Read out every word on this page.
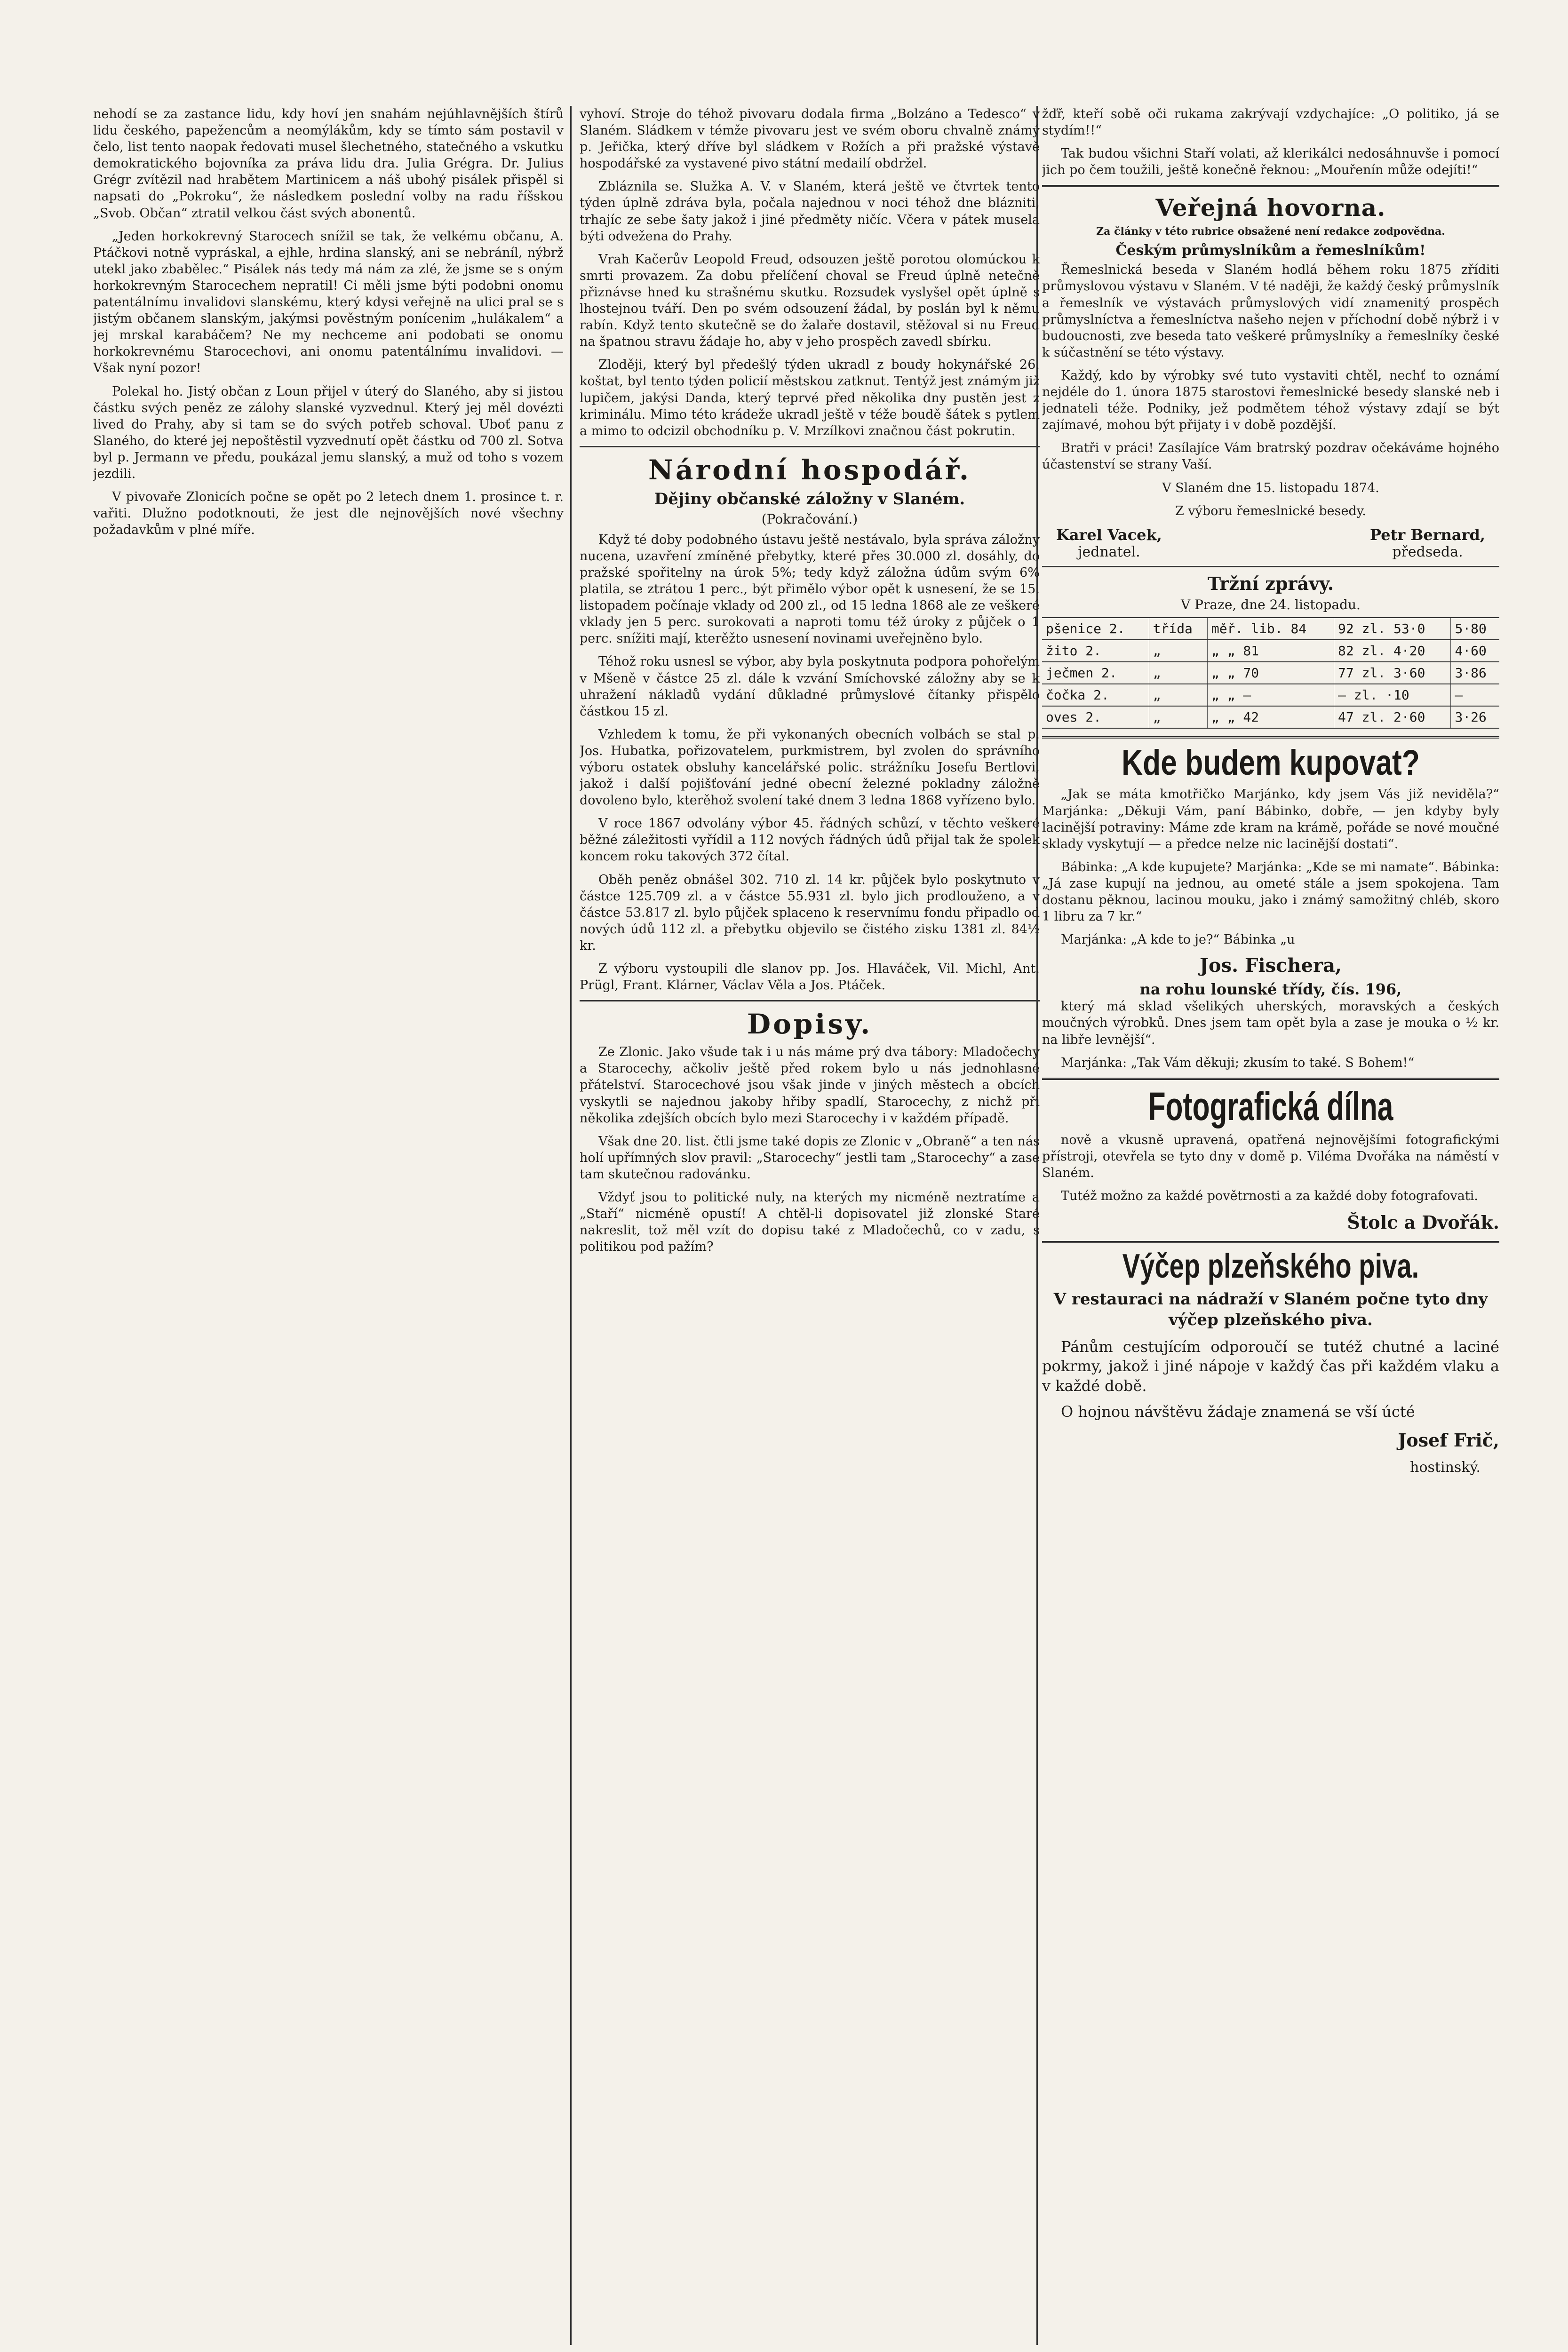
nehodí se za zastance lidu, kdy hoví jen snahám nejúhlavnějších štírů lidu českého, papežencům a neomýlákům, kdy se tímto sám postavil v čelo, list tento naopak ředovati musel šlechetného, statečného a vskutku demokratického bojovníka za práva lidu dra. Julia Grégra. Dr. Julius Grégr zvítězil nad hrabětem Martinicem a náš ubohý pisálek přispěl si napsati do „Pokroku“, že následkem poslední volby na radu říšskou „Svob. Občan“ ztratil velkou část svých abonentů.

„Jeden horkokrevný Starocech snížil se tak, že velkému občanu, A. Ptáčkovi notně vypráskal, a ejhle, hrdina slanský, ani se nebráníl, nýbrž utekl jako zbabělec.“ Pisálek nás tedy má nám za zlé, že jsme se s oným horkokrevným Starocechem nepratil! Ci měli jsme býti podobni onomu patentálnímu invalidovi slanskému, který kdysi veřejně na ulici pral se s jistým občanem slanským, jakýmsi pověstným ponícenim „hulákalem“ a jej mrskal karabáčem? Ne my nechceme ani podobati se onomu horkokrevnému Starocechovi, ani onomu patentálnímu invalidovi. — Však nyní pozor!

Polekal ho. Jistý občan z Loun přijel v úterý do Slaného, aby si jistou částku svých peněz ze zálohy slanské vyzvednul. Který jej měl dovézti lived do Prahy, aby si tam se do svých potřeb schoval. Uboť panu z Slaného, do které jej nepoštěstil vyzvednutí opět částku od 700 zl. Sotva byl p. Jermann ve předu, poukázal jemu slanský, a muž od toho s vozem jezdili.

V pivovaře Zlonicích počne se opět po 2 letech dnem 1. prosince t. r. vařiti. Dlužno podotknouti, že jest dle nejnovějších nové všechny požadavkům v plné míře.

vyhoví. Stroje do téhož pivovaru dodala firma „Bolzáno a Tedesco“ v Slaném. Sládkem v témže pivovaru jest ve svém oboru chvalně známý p. Jeřička, který dříve byl sládkem v Rožích a při pražské výstavě hospodářské za vystavené pivo státní medailí obdržel.

Zbláznila se. Služka A. V. v Slaném, která ještě ve čtvrtek tento týden úplně zdráva byla, počala najednou v noci téhož dne blázniti, trhajíc ze sebe šaty jakož i jiné předměty ničíc. Včera v pátek musela býti odvežena do Prahy.

Vrah Kačerův Leopold Freud, odsouzen ještě porotou olomúckou k smrti provazem. Za dobu přelíčení choval se Freud úplně netečně přiznávse hned ku strašnému skutku. Rozsudek vyslyšel opět úplně s lhostejnou tváří. Den po svém odsouzení žádal, by poslán byl k němu rabín. Když tento skutečně se do žalaře dostavil, stěžoval si nu Freud na špatnou stravu žádaje ho, aby v jeho prospěch zavedl sbírku.

Zloději, který byl předešlý týden ukradl z boudy hokynářské 26. koštat, byl tento týden policií městskou zatknut. Tentýž jest známým již lupičem, jakýsi Danda, který teprvé před několika dny pustěn jest z kriminálu. Mimo této krádeže ukradl ještě v téže boudě šátek s pytlem a mimo to odcizil obchodníku p. V. Mrzílkovi značnou část pokrutin.

Národní hospodář.
Dějiny občanské záložny v Slaném.
(Pokračování.)

Když té doby podobného ústavu ještě nestávalo, byla správa záložny nucena, uzavření zmíněné přebytky, které přes 30.000 zl. dosáhly, do pražské spořitelny na úrok 5%; tedy když záložna údům svým 6% platila, se ztrátou 1 perc., být přimělo výbor opět k usnesení, že se 15. listopadem počínaje vklady od 200 zl., od 15 ledna 1868 ale ze veškeré vklady jen 5 perc. surokovati a naproti tomu též úroky z půjček o 1 perc. snížiti mají, kterěžto usnesení novinami uveřejněno bylo.

Téhož roku usnesl se výbor, aby byla poskytnuta podpora pohořelým v Mšeně v částce 25 zl. dále k vzvání Smíchovské záložny aby se k uhražení nákladů vydání důkladné průmyslové čítanky přispělo částkou 15 zl.

Vzhledem k tomu, že při vykonaných obecních volbách se stal p. Jos. Hubatka, pořizovatelem, purkmistrem, byl zvolen do správního výboru ostatek obsluhy kancelářské polic. strážníku Josefu Bertlovi, jakož i další pojišťování jedné obecní železné pokladny záložně dovoleno bylo, kterěhož svolení také dnem 3 ledna 1868 vyřízeno bylo.

V roce 1867 odvolány výbor 45. řádných schůzí, v těchto veškeré běžné záležitosti vyřídil a 112 nových řádných údů přijal tak že spolek koncem roku takových 372 čítal.

Oběh peněz obnášel 302. 710 zl. 14 kr. půjček bylo poskytnuto v částce 125.709 zl. a v částce 55.931 zl. bylo jich prodlouženo, a v částce 53.817 zl. bylo půjček splaceno k reservnímu fondu připadlo od nových údů 112 zl. a přebytku objevilo se čistého zisku 1381 zl. 84½ kr.

Z výboru vystoupili dle slanov pp. Jos. Hlaváček, Vil. Michl, Ant. Prügl, Frant. Klárner, Václav Věla a Jos. Ptáček.

Dopisy.

Ze Zlonic. Jako všude tak i u nás máme prý dva tábory: Mladočechy a Starocechy, ačkoliv ještě před rokem bylo u nás jednohlasné přátelství. Starocechové jsou však jinde v jiných městech a obcích vyskytli se najednou jakoby hřiby spadlí, Starocechy, z nichž při několika zdejších obcích bylo mezi Starocechy i v každém případě.

Však dne 20. list. čtli jsme také dopis ze Zlonic v „Obraně“ a ten nás holí upřímných slov pravil: „Starocechy“ jestli tam „Starocechy“ a zase tam skutečnou radovánku.

Vždyť jsou to politické nuly, na kterých my nicméně neztratíme a „Staří“ nicméně opustí! A chtěl-li dopisovatel již zlonské Staré nakreslit, tož měl vzít do dopisu také z Mladočechů, co v zadu, s politikou pod pažím?

žďř, kteří sobě oči rukama zakrývají vzdychajíce: „O politiko, já se stydím!!“

Tak budou všichni Staří volati, až klerikálci nedosáhnuvše i pomocí jich po čem toužili, ještě konečně řeknou: „Mouřenín může odejíti!“

Veřejná hovorna.
Za články v této rubrice obsažené není redakce zodpovědna.
Českým průmyslníkům a řemeslníkům!

Řemeslnická beseda v Slaném hodlá během roku 1875 zříditi průmyslovou výstavu v Slaném. V té naději, že každý český průmyslník a řemeslník ve výstavách průmyslových vidí znamenitý prospěch průmyslníctva a řemeslníctva našeho nejen v příchodní době nýbrž i v budoucnosti, zve beseda tato veškeré průmyslníky a řemeslníky české k súčastnění se této výstavy.

Každý, kdo by výrobky své tuto vystaviti chtěl, nechť to oznámí nejdéle do 1. února 1875 starostovi řemeslnické besedy slanské neb i jednateli téže. Podniky, jež podmětem téhož výstavy zdají se být zajímavé, mohou být přijaty i v době pozdější.

Bratři v práci! Zasílajíce Vám bratrský pozdrav očekáváme hojného účastenství se strany Vaší.

V Slaném dne 15. listopadu 1874.

Z výboru řemeslnické besedy.

Karel Vacek,
jednatel.
Petr Bernard,
předseda.
Tržní zprávy.
V Praze, dne 24. listopadu.
pšenice 2.	třída	měř. lib. 84	92 zl. 53·0	5·80
žito 2.	„	„ „ 81	82 zl. 4·20	4·60
ječmen 2.	„	„ „ 70	77 zl. 3·60	3·86
čočka 2.	„	„ „ —	— zl. ·10	—
oves 2.	„	„ „ 42	47 zl. 2·60	3·26
Kde budem kupovat?

„Jak se máta kmotřičko Marjánko, kdy jsem Vás již neviděla?“ Marjánka: „Děkuji Vám, paní Bábinko, dobře, — jen kdyby byly lacinější potraviny: Máme zde kram na krámě, pořáde se nové moučné sklady vyskytují — a předce nelze nic lacinější dostati“.

Bábinka: „A kde kupujete? Marjánka: „Kde se mi namate“. Bábinka: „Já zase kupují na jednou, au ometé stále a jsem spokojena. Tam dostanu pěknou, lacinou mouku, jako i známý samožitný chléb, skoro 1 libru za 7 kr.“

Marjánka: „A kde to je?“ Bábinka „u

Jos. Fischera,
na rohu lounské třídy, čís. 196,

který má sklad všelikých uherských, moravských a českých moučných výrobků. Dnes jsem tam opět byla a zase je mouka o ½ kr. na libře levnější“.

Marjánka: „Tak Vám děkuji; zkusím to také. S Bohem!“

Fotografická dílna

nově a vkusně upravená, opatřená nejnovějšími fotografickými přístroji, otevřela se tyto dny v domě p. Viléma Dvořáka na náměstí v Slaném.

Tutéž možno za každé povětrnosti a za každé doby fotografovati.

Štolc a Dvořák.

Výčep plzeňského piva.

V restauraci na nádraží v Slaném počne tyto dny výčep plzeňského piva.

Pánům cestujícím odporoučí se tutéž chutné a laciné pokrmy, jakož i jiné nápoje v každý čas při každém vlaku a v každé době.

O hojnou návštěvu žádaje znamená se vší úcté

Josef Frič,

hostinský.
